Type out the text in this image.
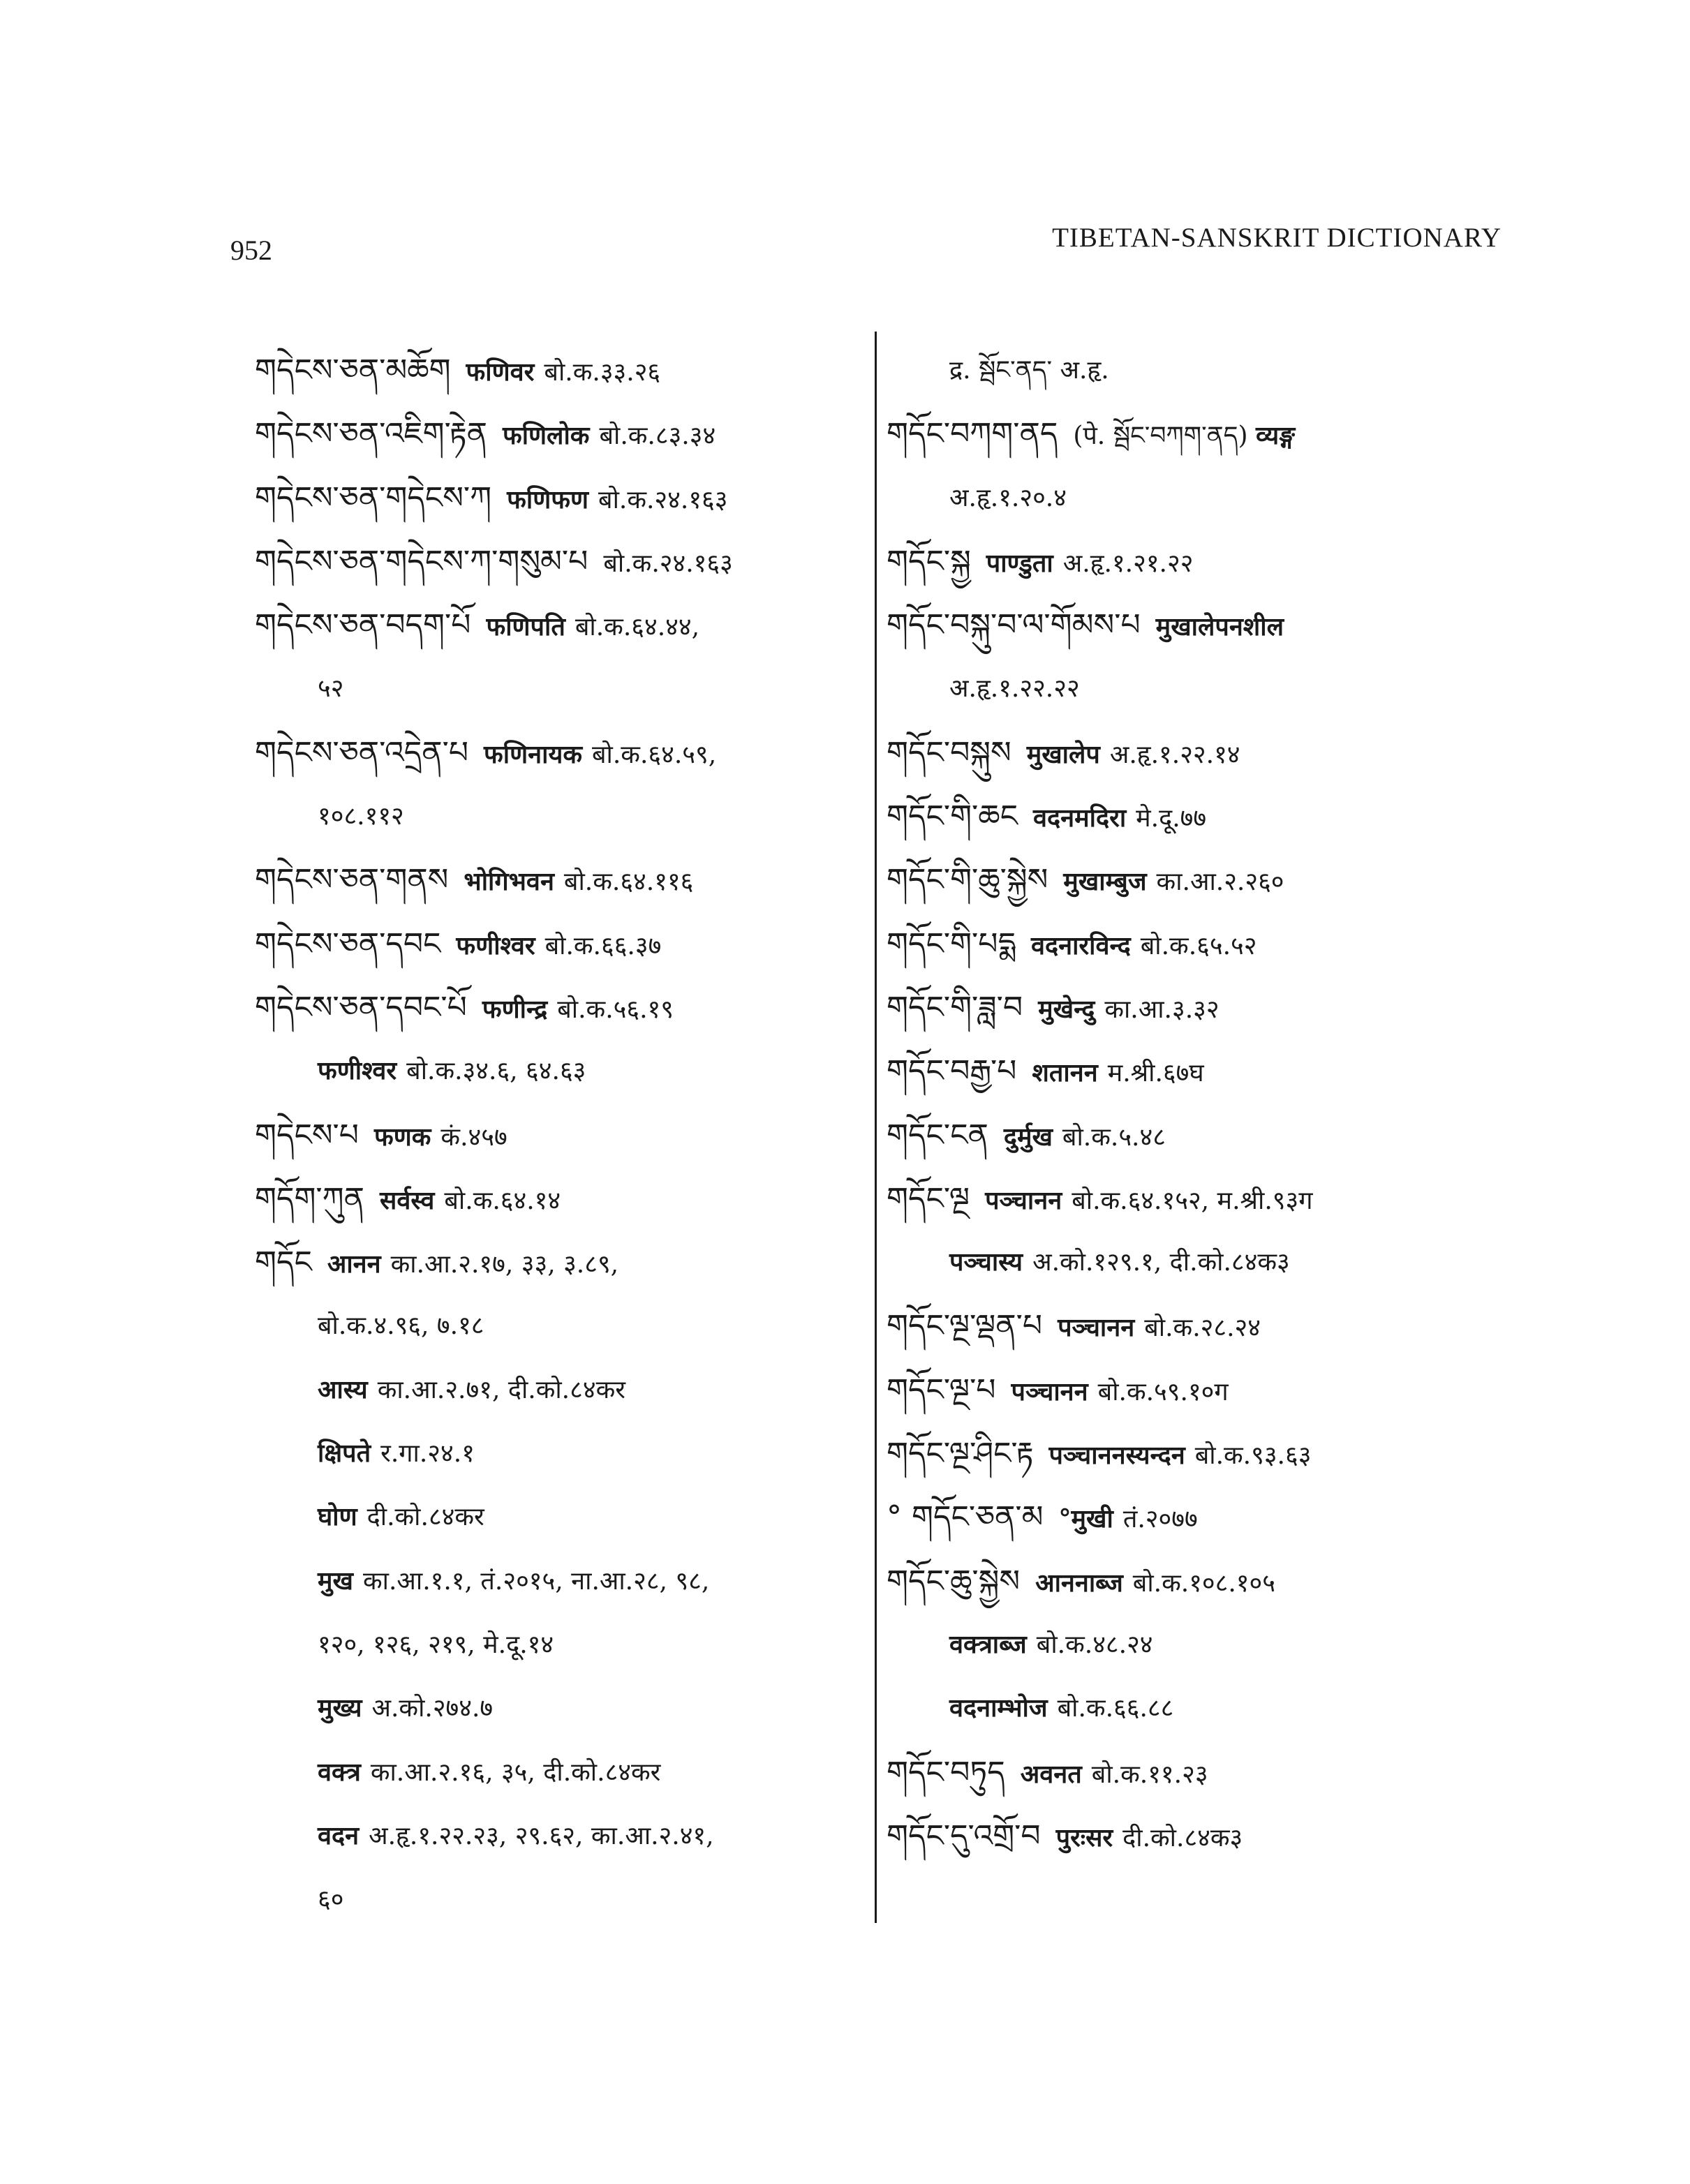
952	TIBETAN-SANSKRIT DICTIONARY
གདེངས་ཅན་མཆོག फणिवर बो.क.३३.२६
གདེངས་ཅན་འཇིག་རྟེན फणिलोक बो.क.८३.३४
གདེངས་ཅན་གདེངས་ཀ फणिफण बो.क.२४.१६३
གདེངས་ཅན་གདེངས་ཀ་གསུམ་པ बो.क.२४.१६३
གདེངས་ཅན་བདག་པོ फणिपति बो.क.६४.४४,
५२
གདེངས་ཅན་འདྲེན་པ फणिनायक बो.क.६४.५९,
१०८.११२
གདེངས་ཅན་གནས भोगिभवन बो.क.६४.११६
གདེངས་ཅན་དབང फणीश्वर बो.क.६६.३७
གདེངས་ཅན་དབང་པོ फणीन्द्र बो.क.५६.१९
फणीश्वर बो.क.३४.६, ६४.६३
གདེངས་པ फणक कं.४५७
གདོག་ཀུན सर्वस्व बो.क.६४.१४
གདོང आनन का.आ.२.१७, ३३, ३.८९,
बो.क.४.९६, ७.१८
आस्य का.आ.२.७१, दी.को.८४कर
क्षिपते र.गा.२४.१
घोण दी.को.८४कर
मुख का.आ.१.१, तं.२०१५, ना.आ.२८, ९८,
१२०, १२६, २१९, मे.दू.१४
मुख्य अ.को.२७४.७
वक्त्र का.आ.२.१६, ३५, दी.को.८४कर
वदन अ.हृ.१.२२.२३, २९.६२, का.आ.२.४१,
६०
द्र. སྦོང་ནད་ अ.हृ.
གདོང་བཀག་ནད (पे. སྦོང་བཀག་ནད) व्यङ्ग
अ.हृ.१.२०.४
གདོང་སྐྱ पाण्डुता अ.हृ.१.२१.२२
གདོང་བསྐུ་བ་ལ་གོམས་པ मुखालेपनशील
अ.हृ.१.२२.२२
གདོང་བསྐུས मुखालेप अ.हृ.१.२२.१४
གདོང་གི་ཆང वदनमदिरा मे.दू.७७
གདོང་གི་ཆུ་སྐྱེས मुखाम्बुज का.आ.२.२६०
གདོང་གི་པདྨ वदनारविन्द बो.क.६५.५२
གདོང་གི་ཟླ་བ मुखेन्दु का.आ.३.३२
གདོང་བརྒྱ་པ शतानन म.श्री.६७घ
གདོང་ངན दुर्मुख बो.क.५.४८
གདོང་ལྔ पञ्चानन बो.क.६४.१५२, म.श्री.९३ग
पञ्चास्य अ.को.१२९.१, दी.को.८४क३
གདོང་ལྔ་ལྡན་པ पञ्चानन बो.क.२८.२४
གདོང་ལྔ་པ पञ्चानन बो.क.५९.१०ग
གདོང་ལྔ་ཤིང་རྟ पञ्चाननस्यन्दन बो.क.९३.६३
° གདོང་ཅན་མ °मुखी तं.२०७७
གདོང་ཆུ་སྐྱེས आननाब्ज बो.क.१०८.१०५
वक्त्राब्ज बो.क.४८.२४
वदनाम्भोज बो.क.६६.८८
གདོང་བཏུད अवनत बो.क.११.२३
གདོང་དུ་འགྲོ་བ पुरःसर दी.को.८४क३
